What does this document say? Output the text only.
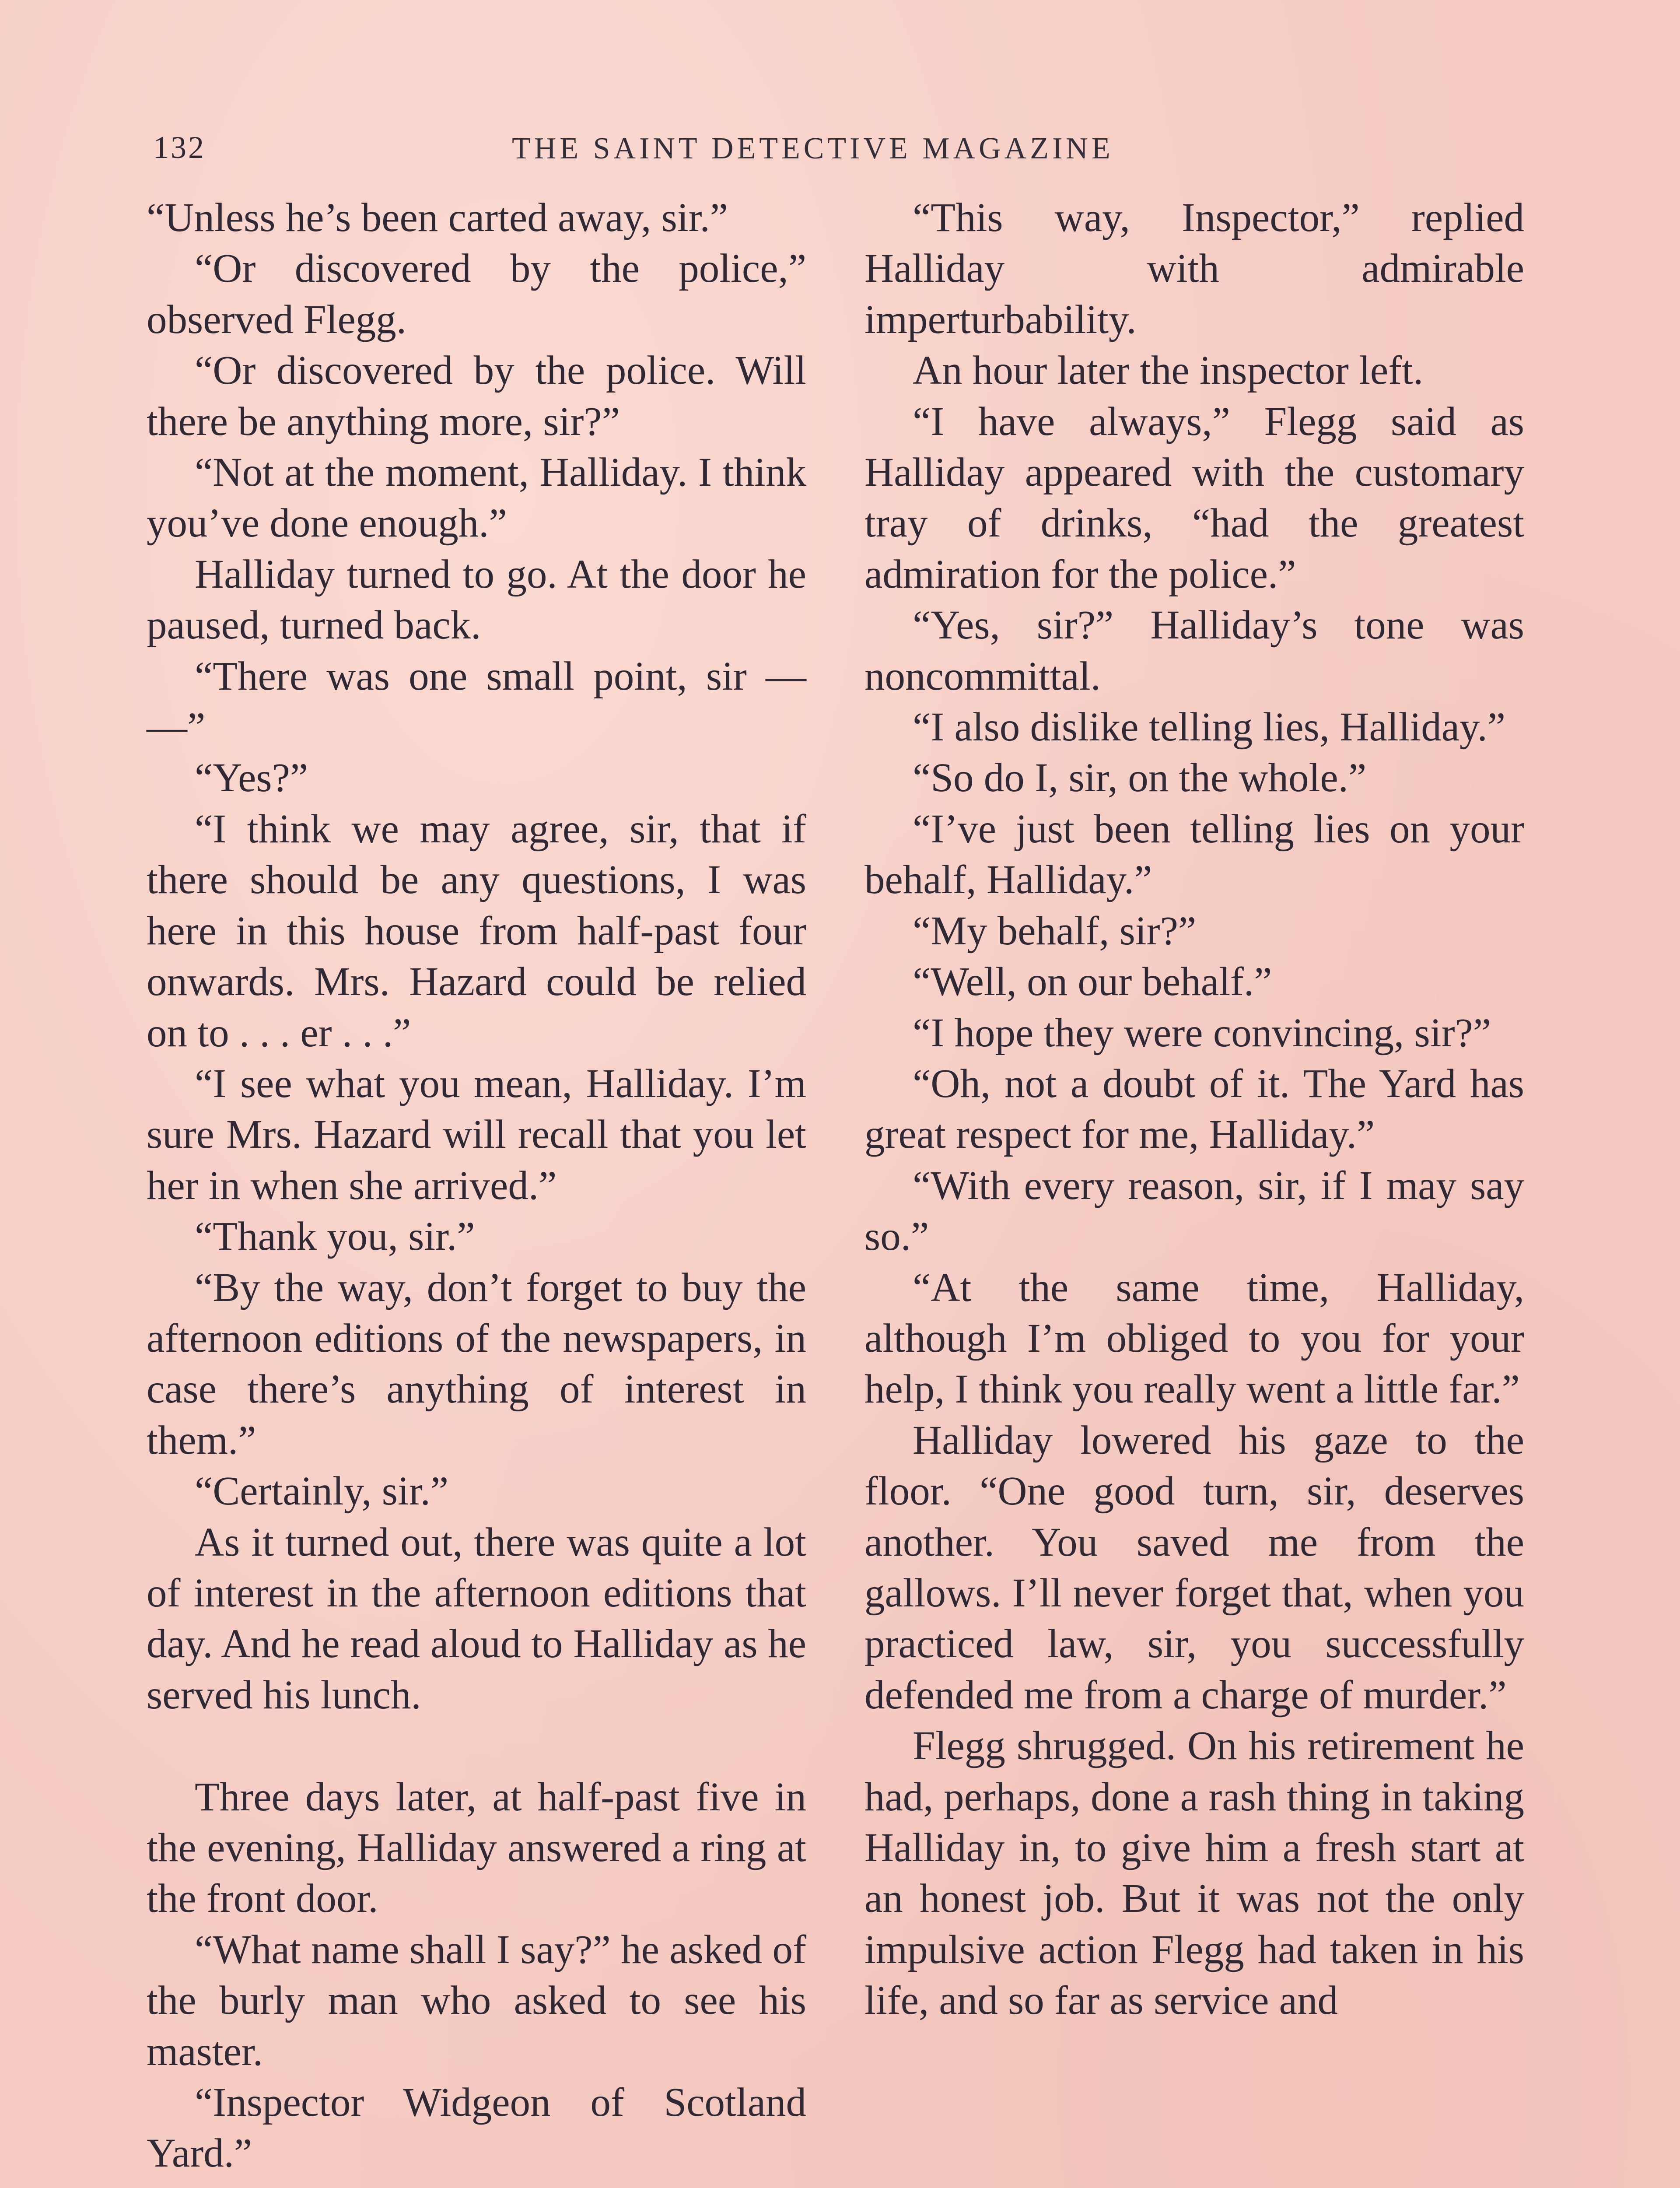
132	THE SAINT DETECTIVE MAGAZINE

“Unless he’s been carted away, sir.”

“Or discovered by the police,” observed Flegg.

“Or discovered by the police. Will there be anything more, sir?”

“Not at the moment, Halliday. I think you’ve done enough.”

Halliday turned to go. At the door he paused, turned back.

“There was one small point, sir — —”

“Yes?”

“I think we may agree, sir, that if there should be any questions, I was here in this house from half-past four onwards. Mrs. Hazard could be relied on to . . . er . . .”

“I see what you mean, Halliday. I’m sure Mrs. Hazard will recall that you let her in when she arrived.”

“Thank you, sir.”

“By the way, don’t forget to buy the afternoon editions of the newspapers, in case there’s anything of interest in them.”

“Certainly, sir.”

As it turned out, there was quite a lot of interest in the afternoon editions that day. And he read aloud to Halliday as he served his lunch.

Three days later, at half-past five in the evening, Halliday answered a ring at the front door.

“What name shall I say?” he asked of the burly man who asked to see his master.

“Inspector Widgeon of Scotland Yard.”

“This way, Inspector,” replied Halliday with admirable imperturbability.

An hour later the inspector left.

“I have always,” Flegg said as Halliday appeared with the customary tray of drinks, “had the greatest admiration for the police.”

“Yes, sir?” Halliday’s tone was noncommittal.

“I also dislike telling lies, Halliday.”

“So do I, sir, on the whole.”

“I’ve just been telling lies on your behalf, Halliday.”

“My behalf, sir?”

“Well, on our behalf.”

“I hope they were convincing, sir?”

“Oh, not a doubt of it. The Yard has great respect for me, Halliday.”

“With every reason, sir, if I may say so.”

“At the same time, Halliday, although I’m obliged to you for your help, I think you really went a little far.”

Halliday lowered his gaze to the floor. “One good turn, sir, deserves another. You saved me from the gallows. I’ll never forget that, when you practiced law, sir, you successfully defended me from a charge of murder.”

Flegg shrugged. On his retirement he had, perhaps, done a rash thing in taking Halliday in, to give him a fresh start at an honest job. But it was not the only impulsive action Flegg had taken in his life, and so far as service and
